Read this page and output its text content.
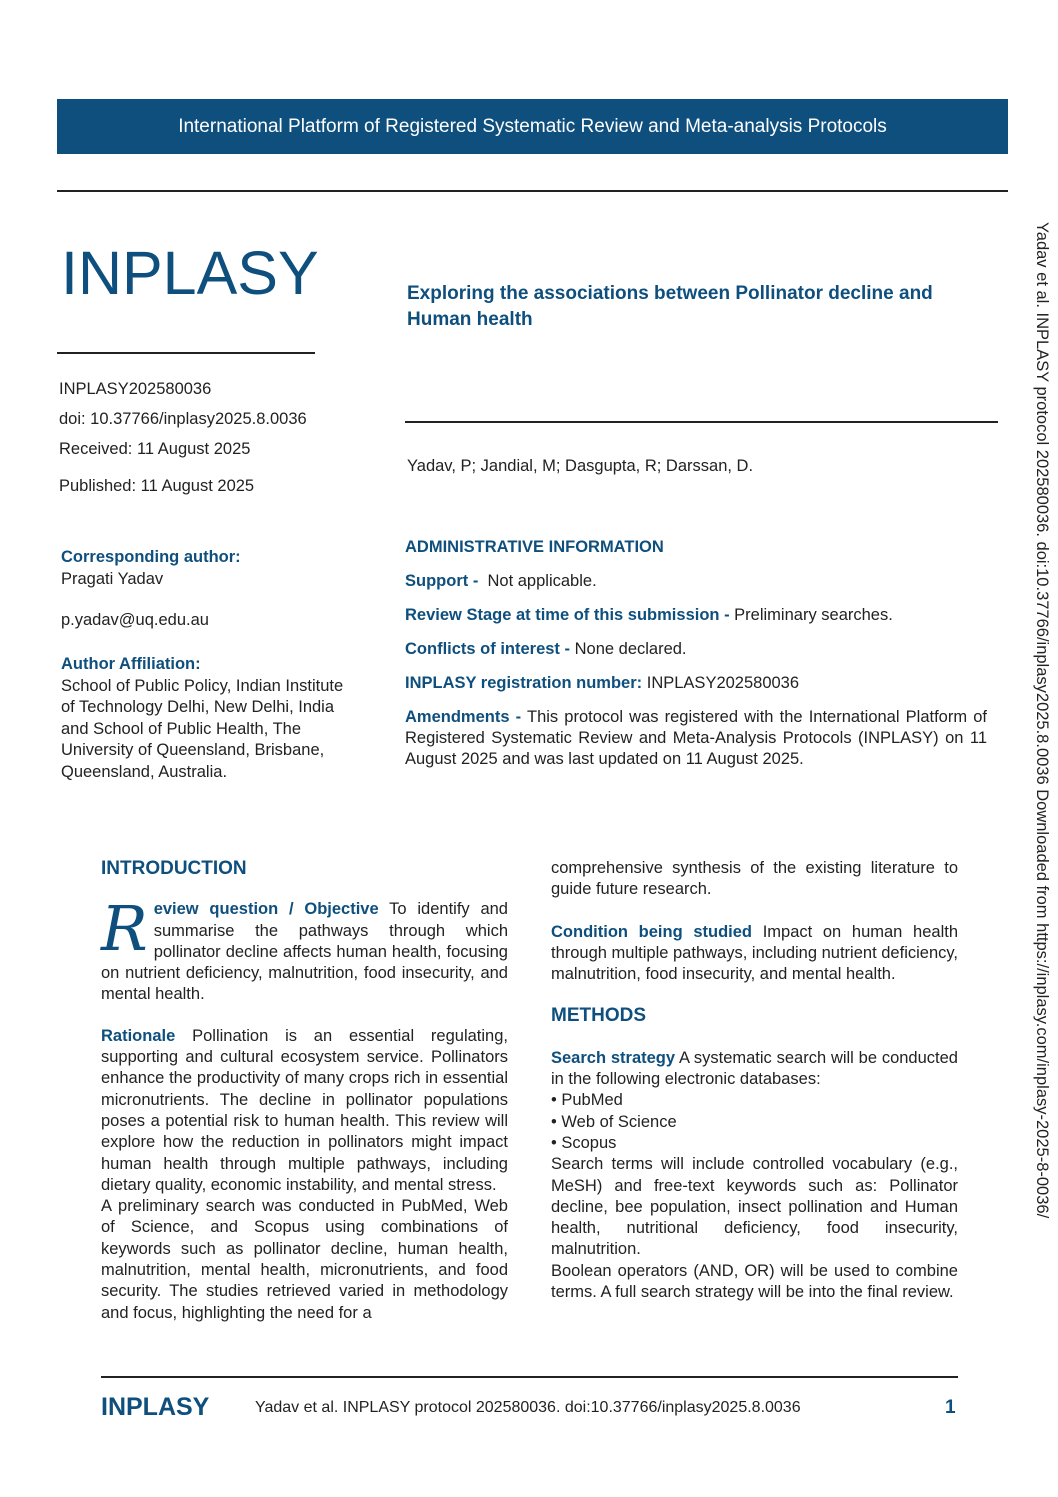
International Platform of Registered Systematic Review and Meta-analysis Protocols
INPLASY	Exploring the associations between Pollinator decline and Human health
INPLASY202580036
doi: 10.37766/inplasy2025.8.0036
Received: 11 August 2025
Published: 11 August 2025
Yadav, P; Jandial, M; Dasgupta, R; Darssan, D.
Corresponding author:
Pragati Yadav
p.yadav@uq.edu.au
Author Affiliation:
School of Public Policy, Indian Institute of Technology Delhi, New Delhi, India and School of Public Health, The University of Queensland, Brisbane, Queensland, Australia.

ADMINISTRATIVE INFORMATION

Support - Not applicable.

Review Stage at time of this submission - Preliminary searches.

Conflicts of interest - None declared.

INPLASY registration number: INPLASY202580036

Amendments - This protocol was registered with the International Platform of Registered Systematic Review and Meta-Analysis Protocols (INPLASY) on 11 August 2025 and was last updated on 11 August 2025.

INTRODUCTION

Review question / Objective To identify and summarise the pathways through which pollinator decline affects human health, focusing on nutrient deficiency, malnutrition, food insecurity, and mental health.

Rationale Pollination is an essential regulating, supporting and cultural ecosystem service. Pollinators enhance the productivity of many crops rich in essential micronutrients. The decline in pollinator populations poses a potential risk to human health. This review will explore how the reduction in pollinators might impact human health through multiple pathways, including dietary quality, economic instability, and mental stress.

A preliminary search was conducted in PubMed, Web of Science, and Scopus using combinations of keywords such as pollinator decline, human health, malnutrition, mental health, micronutrients, and food security. The studies retrieved varied in methodology and focus, highlighting the need for a

comprehensive synthesis of the existing literature to guide future research.

Condition being studied Impact on human health through multiple pathways, including nutrient deficiency, malnutrition, food insecurity, and mental health.

METHODS

Search strategy A systematic search will be conducted in the following electronic databases:

• PubMed
• Web of Science
• Scopus

Search terms will include controlled vocabulary (e.g., MeSH) and free-text keywords such as: Pollinator decline, bee population, insect pollination and Human health, nutritional deficiency, food insecurity, malnutrition.

Boolean operators (AND, OR) will be used to combine terms. A full search strategy will be into the final review.

Yadav et al. INPLASY protocol 202580036. doi:10.37766/inplasy2025.8.0036 Downloaded from https://inplasy.com/inplasy-2025-8-0036/
INPLASY	Yadav et al. INPLASY protocol 202580036. doi:10.37766/inplasy2025.8.0036	1
